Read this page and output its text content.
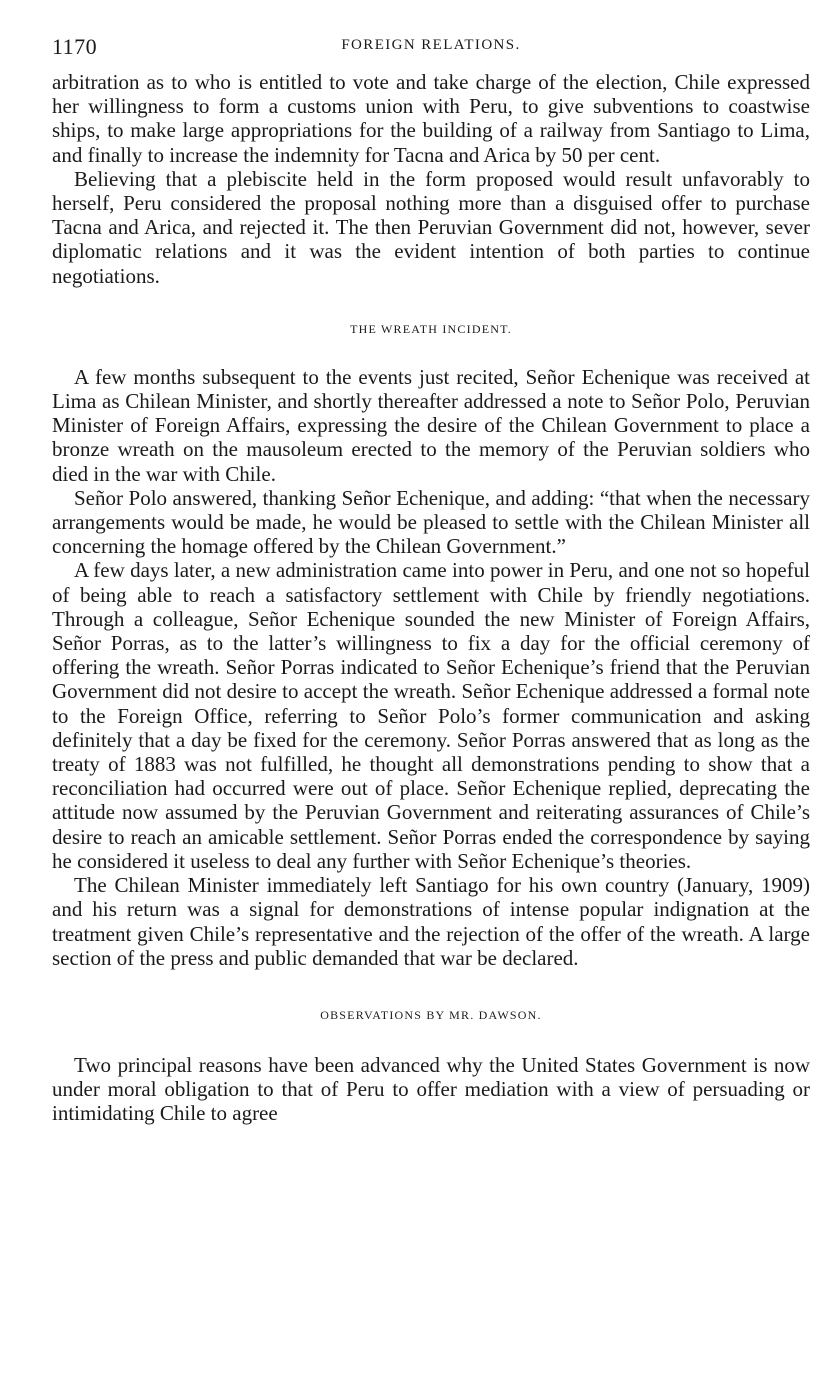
1170	FOREIGN RELATIONS.

arbitration as to who is entitled to vote and take charge of the election, Chile expressed her willingness to form a customs union with Peru, to give subventions to coastwise ships, to make large appropriations for the building of a railway from Santiago to Lima, and finally to increase the indemnity for Tacna and Arica by 50 per cent.

Believing that a plebiscite held in the form proposed would result unfavorably to herself, Peru considered the proposal nothing more than a disguised offer to purchase Tacna and Arica, and rejected it. The then Peruvian Government did not, however, sever diplomatic relations and it was the evident intention of both parties to continue negotiations.

THE WREATH INCIDENT.

A few months subsequent to the events just recited, Señor Echenique was received at Lima as Chilean Minister, and shortly thereafter addressed a note to Señor Polo, Peruvian Minister of Foreign Affairs, expressing the desire of the Chilean Government to place a bronze wreath on the mausoleum erected to the memory of the Peruvian soldiers who died in the war with Chile.

Señor Polo answered, thanking Señor Echenique, and adding: “that when the necessary arrangements would be made, he would be pleased to settle with the Chilean Minister all concerning the homage offered by the Chilean Government.”

A few days later, a new administration came into power in Peru, and one not so hopeful of being able to reach a satisfactory settlement with Chile by friendly negotiations. Through a colleague, Señor Echenique sounded the new Minister of Foreign Affairs, Señor Porras, as to the latter’s willingness to fix a day for the official ceremony of offering the wreath. Señor Porras indicated to Señor Echenique’s friend that the Peruvian Government did not desire to accept the wreath. Señor Echenique addressed a formal note to the Foreign Office, referring to Señor Polo’s former communication and asking definitely that a day be fixed for the ceremony. Señor Porras answered that as long as the treaty of 1883 was not fulfilled, he thought all demonstrations pending to show that a reconciliation had occurred were out of place. Señor Echenique replied, deprecating the attitude now assumed by the Peruvian Government and reiterating assurances of Chile’s desire to reach an amicable settlement. Señor Porras ended the correspondence by saying he considered it useless to deal any further with Señor Echenique’s theories.

The Chilean Minister immediately left Santiago for his own country (January, 1909) and his return was a signal for demonstrations of intense popular indignation at the treatment given Chile’s representative and the rejection of the offer of the wreath. A large section of the press and public demanded that war be declared.

OBSERVATIONS BY MR. DAWSON.

Two principal reasons have been advanced why the United States Government is now under moral obligation to that of Peru to offer mediation with a view of persuading or intimidating Chile to agree
